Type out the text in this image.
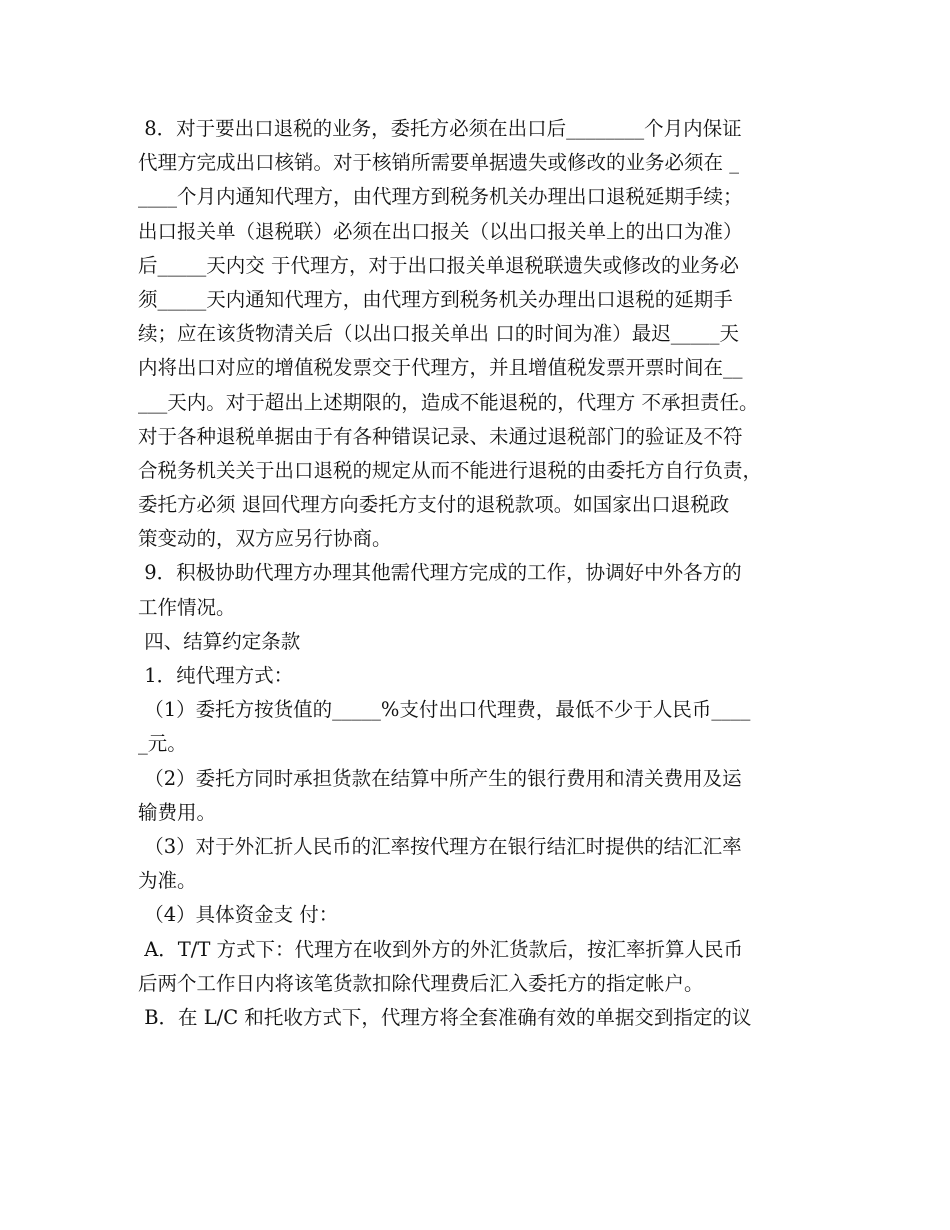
8．对于要出口退税的业务，委托方必须在出口后________个月内保证
代理方完成出口核销。对于核销所需要单据遗失或修改的业务必须在 _
____个月内通知代理方，由代理方到税务机关办理出口退税延期手续；
出口报关单（退税联）必须在出口报关（以出口报关单上的出口为准）
后_____天内交 于代理方，对于出口报关单退税联遗失或修改的业务必
须_____天内通知代理方，由代理方到税务机关办理出口退税的延期手
续；应在该货物清关后（以出口报关单出 口的时间为准）最迟_____天
内将出口对应的增值税发票交于代理方，并且增值税发票开票时间在__
___天内。对于超出上述期限的，造成不能退税的，代理方 不承担责任。
对于各种退税单据由于有各种错误记录、未通过退税部门的验证及不符
合税务机关关于出口退税的规定从而不能进行退税的由委托方自行负责，
委托方必须 退回代理方向委托方支付的退税款项。如国家出口退税政
策变动的，双方应另行协商。
9．积极协助代理方办理其他需代理方完成的工作，协调好中外各方的
工作情况。
四、结算约定条款
1．纯代理方式：
（1）委托方按货值的_____%支付出口代理费，最低不少于人民币____
_元。
（2）委托方同时承担货款在结算中所产生的银行费用和清关费用及运
输费用。
（3）对于外汇折人民币的汇率按代理方在银行结汇时提供的结汇汇率
为准。
（4）具体资金支 付：
A．T/T 方式下：代理方在收到外方的外汇货款后，按汇率折算人民币
后两个工作日内将该笔货款扣除代理费后汇入委托方的指定帐户。
B．在 L/C 和托收方式下，代理方将全套准确有效的单据交到指定的议
